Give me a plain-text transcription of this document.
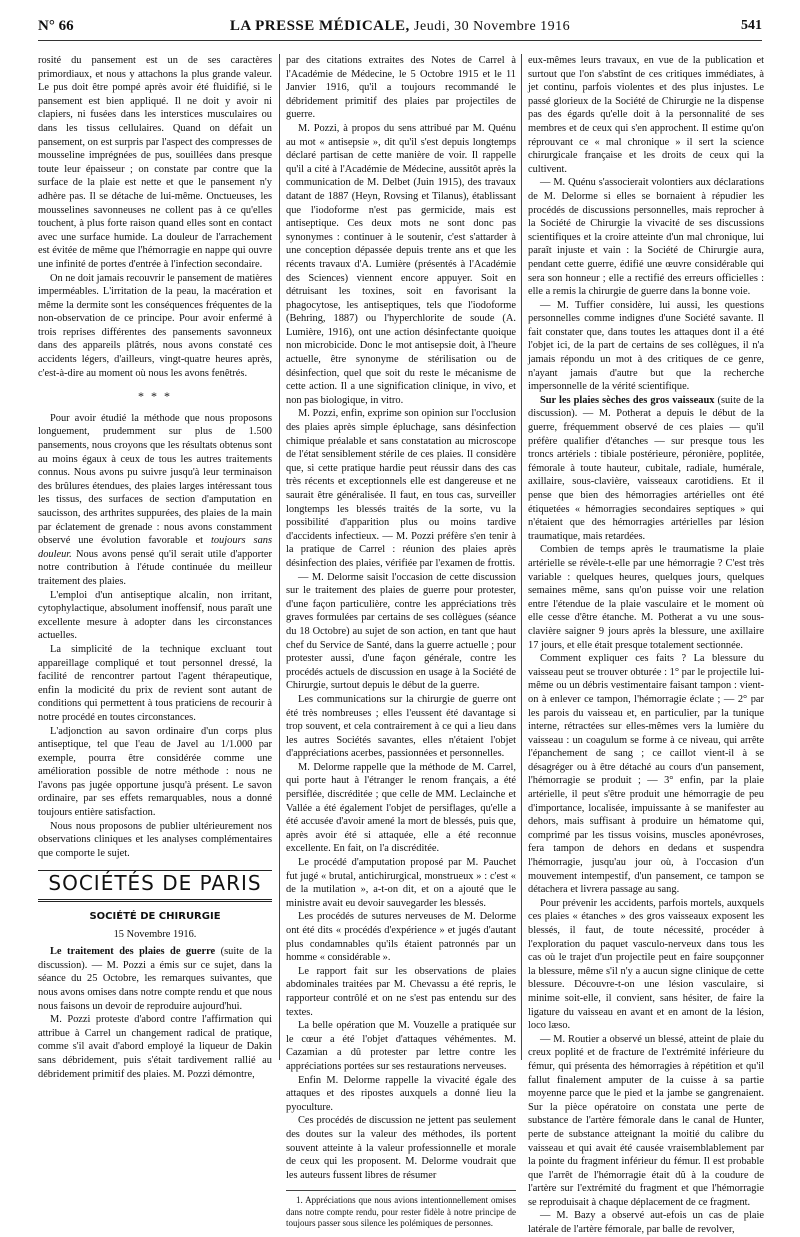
N° 66	LA PRESSE MÉDICALE, Jeudi, 30 Novembre 1916	541

rosité du pansement est un de ses caractères primordiaux, et nous y attachons la plus grande valeur. Le pus doit être pompé après avoir été fluidifié, si le pansement est bien appliqué. Il ne doit y avoir ni clapiers, ni fusées dans les interstices musculaires ou dans les tissus cellulaires. Quand on défait un pansement, on est surpris par l'aspect des compresses de mousseline imprégnées de pus, souillées dans presque toute leur épaisseur ; on constate par contre que la surface de la plaie est nette et que le pansement n'y adhère pas. Il se détache de lui-même. Onctueuses, les mousselines savonneuses ne collent pas à ce qu'elles touchent, à plus forte raison quand elles sont en contact avec une surface humide. La douleur de l'arrachement est évitée de même que l'hémorragie en nappe qui ouvre une infinité de portes d'entrée à l'infection secondaire.

On ne doit jamais recouvrir le pansement de matières imperméables. L'irritation de la peau, la macération et même la dermite sont les conséquences fréquentes de la non-observation de ce principe. Pour avoir enfermé à trois reprises différentes des pansements savonneux dans des appareils plâtrés, nous avons constaté ces accidents légers, d'ailleurs, vingt-quatre heures après, c'est-à-dire au moment où nous les avons fenêtrés.

* * *

Pour avoir étudié la méthode que nous proposons longuement, prudemment sur plus de 1.500 pansements, nous croyons que les résultats obtenus sont au moins égaux à ceux de tous les autres traitements connus. Nous avons pu suivre jusqu'à leur terminaison des brûlures étendues, des plaies larges intéressant tous les tissus, des surfaces de section d'amputation en saucisson, des arthrites suppurées, des plaies de la main par éclatement de grenade : nous avons constamment observé une évolution favorable et toujours sans douleur. Nous avons pensé qu'il serait utile d'apporter notre contribution à l'étude continuée du meilleur traitement des plaies.

L'emploi d'un antiseptique alcalin, non irritant, cytophylactique, absolument inoffensif, nous paraît une excellente mesure à adopter dans les circonstances actuelles.

La simplicité de la technique excluant tout appareillage compliqué et tout personnel dressé, la facilité de rencontrer partout l'agent thérapeutique, enfin la modicité du prix de revient sont autant de conditions qui permettent à tous praticiens de recourir à notre procédé en toutes circonstances.

L'adjonction au savon ordinaire d'un corps plus antiseptique, tel que l'eau de Javel au 1/1.000 par exemple, pourra être considérée comme une amélioration possible de notre méthode : nous ne l'avons pas jugée opportune jusqu'à présent. Le savon ordinaire, par ses effets remarquables, nous a donné toujours entière satisfaction.

Nous nous proposons de publier ultérieurement nos observations cliniques et les analyses complémentaires que comporte le sujet.

SOCIÉTÉS DE PARIS
SOCIÉTÉ DE CHIRURGIE
15 Novembre 1916.

Le traitement des plaies de guerre (suite de la discussion). — M. Pozzi a émis sur ce sujet, dans la séance du 25 Octobre, les remarques suivantes, que nous avons omises dans notre compte rendu et que nous nous faisons un devoir de reproduire aujourd'hui.

M. Pozzi proteste d'abord contre l'affirmation qui attribue à Carrel un changement radical de pratique, comme s'il avait d'abord employé la liqueur de Dakin sans débridement, puis s'était tardivement rallié au débridement primitif des plaies. M. Pozzi démontre,

par des citations extraites des Notes de Carrel à l'Académie de Médecine, le 5 Octobre 1915 et le 11 Janvier 1916, qu'il a toujours recommandé le débridement primitif des plaies par projectiles de guerre.

M. Pozzi, à propos du sens attribué par M. Quénu au mot « antisepsie », dit qu'il s'est depuis longtemps déclaré partisan de cette manière de voir. Il rappelle qu'il a cité à l'Académie de Médecine, aussitôt après la communication de M. Delbet (Juin 1915), des travaux datant de 1887 (Heyn, Rovsing et Tilanus), établissant que l'iodoforme n'est pas germicide, mais est antiseptique. Ces deux mots ne sont donc pas synonymes : continuer à le soutenir, c'est s'attarder à une conception dépassée depuis trente ans et que les récents travaux d'A. Lumière (présentés à l'Académie des Sciences) viennent encore appuyer. Soit en détruisant les toxines, soit en favorisant la phagocytose, les antiseptiques, tels que l'iodoforme (Behring, 1887) ou l'hyperchlorite de soude (A. Lumière, 1916), ont une action désinfectante quoique non microbicide. Donc le mot antisepsie doit, à l'heure actuelle, être synonyme de stérilisation ou de désinfection, quel que soit du reste le mécanisme de cette action. Il a une signification clinique, in vivo, et non pas biologique, in vitro.

M. Pozzi, enfin, exprime son opinion sur l'occlusion des plaies après simple épluchage, sans désinfection chimique préalable et sans constatation au microscope de l'état sensiblement stérile de ces plaies. Il considère que, si cette pratique hardie peut réussir dans des cas très récents et exceptionnels elle est dangereuse et ne saurait être généralisée. Il faut, en tous cas, surveiller longtemps les blessés traités de la sorte, vu la possibilité d'apparition plus ou moins tardive d'accidents infectieux. — M. Pozzi préfère s'en tenir à la pratique de Carrel : réunion des plaies après désinfection des plaies, vérifiée par l'examen de frottis.

— M. Delorme saisit l'occasion de cette discussion sur le traitement des plaies de guerre pour protester, d'une façon particulière, contre les appréciations très graves formulées par certains de ses collègues (séance du 18 Octobre) au sujet de son action, en tant que haut chef du Service de Santé, dans la guerre actuelle ; pour protester aussi, d'une façon générale, contre les procédés actuels de discussion en usage à la Société de Chirurgie, surtout depuis le début de la guerre.

Les communications sur la chirurgie de guerre ont été très nombreuses ; elles l'eussent été davantage si trop souvent, et cela contrairement à ce qui a lieu dans les autres Sociétés savantes, elles n'étaient l'objet d'appréciations acerbes, passionnées et personnelles.

M. Delorme rappelle que la méthode de M. Carrel, qui porte haut à l'étranger le renom français, a été persiflée, discréditée ; que celle de MM. Leclainche et Vallée a été également l'objet de persiflages, qu'elle a été accusée d'avoir amené la mort de blessés, puis que, après avoir été si attaquée, elle a été reconnue excellente. En fait, on l'a discréditée.

Le procédé d'amputation proposé par M. Pauchet fut jugé « brutal, antichirurgical, monstrueux » : c'est « de la mutilation », a-t-on dit, et on a ajouté que le ministre avait eu devoir sauvegarder les blessés.

Les procédés de sutures nerveuses de M. Delorme ont été dits « procédés d'expérience » et jugés d'autant plus condamnables qu'ils étaient patronnés par un homme « considérable ».

Le rapport fait sur les observations de plaies abdominales traitées par M. Chevassu a été repris, le rapporteur contrôlé et on ne s'est pas entendu sur des textes.

La belle opération que M. Vouzelle a pratiquée sur le cœur a été l'objet d'attaques véhémentes. M. Cazamian a dû protester par lettre contre les appréciations portées sur ses restaurations nerveuses.

Enfin M. Delorme rappelle la vivacité égale des attaques et des ripostes auxquels a donné lieu la pyoculture.

Ces procédés de discussion ne jettent pas seulement des doutes sur la valeur des méthodes, ils portent souvent atteinte à la valeur professionnelle et morale de ceux qui les proposent. M. Delorme voudrait que les auteurs fussent libres de résumer

1. Appréciations que nous avions intentionnellement omises dans notre compte rendu, pour rester fidèle à notre principe de toujours passer sous silence les polémiques de personnes.

eux-mêmes leurs travaux, en vue de la publication et surtout que l'on s'abstînt de ces critiques immédiates, à jet continu, parfois violentes et des plus injustes. Le passé glorieux de la Société de Chirurgie ne la dispense pas des égards qu'elle doit à la personnalité de ses membres et de ceux qui s'en approchent. Il estime qu'on réprouvant ce « mal chronique » il sert la science chirurgicale française et les droits de ceux qui la cultivent.

— M. Quénu s'associerait volontiers aux déclarations de M. Delorme si elles se bornaient à répudier les procédés de discussions personnelles, mais reprocher à la Société de Chirurgie la vivacité de ses discussions scientifiques et la croire atteinte d'un mal chronique, lui paraît injuste et vain : la Société de Chirurgie aura, pendant cette guerre, édifié une œuvre considérable qui sera son honneur ; elle a rectifié des erreurs officielles : elle a remis la chirurgie de guerre dans la bonne voie.

— M. Tuffier considère, lui aussi, les questions personnelles comme indignes d'une Société savante. Il fait constater que, dans toutes les attaques dont il a été l'objet ici, de la part de certains de ses collègues, il n'a jamais répondu un mot à des critiques de ce genre, n'ayant jamais d'autre but que la recherche impersonnelle de la vérité scientifique.

Sur les plaies sèches des gros vaisseaux (suite de la discussion). — M. Potherat a depuis le début de la guerre, fréquemment observé de ces plaies — qu'il préfère qualifier d'étanches — sur presque tous les troncs artériels : tibiale postérieure, péronière, poplitée, fémorale à toute hauteur, cubitale, radiale, humérale, axillaire, sous-clavière, vaisseaux carotidiens. Et il pense que bien des hémorragies artérielles ont été étiquetées « hémorragies secondaires septiques » qui n'étaient que des hémorragies artérielles par lésion traumatique, mais retardées.

Combien de temps après le traumatisme la plaie artérielle se révèle-t-elle par une hémorragie ? C'est très variable : quelques heures, quelques jours, quelques semaines même, sans qu'on puisse voir une relation entre l'étendue de la plaie vasculaire et le moment où elle cesse d'être étanche. M. Potherat a vu une sous-clavière saigner 9 jours après la blessure, une axillaire 17 jours, et elle était presque totalement sectionnée.

Comment expliquer ces faits ? La blessure du vaisseau peut se trouver obturée : 1° par le projectile lui-même ou un débris vestimentaire faisant tampon : vient-on à enlever ce tampon, l'hémorragie éclate ; — 2° par les parois du vaisseau et, en particulier, par la tunique interne, rétractées sur elles-mêmes vers la lumière du vaisseau : un coagulum se forme à ce niveau, qui arrête l'épanchement de sang ; ce caillot vient-il à se désagréger ou à être détaché au cours d'un pansement, l'hémorragie se produit ; — 3° enfin, par la plaie artérielle, il peut s'être produit une hémorragie de peu d'importance, localisée, impuissante à se manifester au dehors, mais suffisant à produire un hématome qui, comprimé par les tissus voisins, muscles aponévroses, fera tampon de dehors en dedans et suspendra l'hémorragie, jusqu'au jour où, à l'occasion d'un mouvement intempestif, d'un pansement, ce tampon se détachera et livrera passage au sang.

Pour prévenir les accidents, parfois mortels, auxquels ces plaies « étanches » des gros vaisseaux exposent les blessés, il faut, de toute nécessité, procéder à l'exploration du paquet vasculo-nerveux dans tous les cas où le trajet d'un projectile peut en faire soupçonner la blessure, même s'il n'y a aucun signe clinique de cette blessure. Découvre-t-on une lésion vasculaire, si minime soit-elle, il convient, sans hésiter, de faire la ligature du vaisseau en avant et en amont de la lésion, loco læso.

— M. Routier a observé un blessé, atteint de plaie du creux poplité et de fracture de l'extrémité inférieure du fémur, qui présenta des hémorragies à répétition et qu'il fallut finalement amputer de la cuisse à sa partie moyenne parce que le pied et la jambe se gangrenaient. Sur la pièce opératoire on constata une perte de substance de l'artère fémorale dans le canal de Hunter, perte de substance atteignant la moitié du calibre du vaisseau et qui avait été causée vraisemblablement par la pointe du fragment inférieur du fémur. Il est probable que l'arrêt de l'hémorragie était dû à la coudure de l'artère sur l'extrémité du fragment et que l'hémorragie se reproduisait à chaque déplacement de ce fragment.

— M. Bazy a observé aut-efois un cas de plaie latérale de l'artère fémorale, par balle de revolver,
